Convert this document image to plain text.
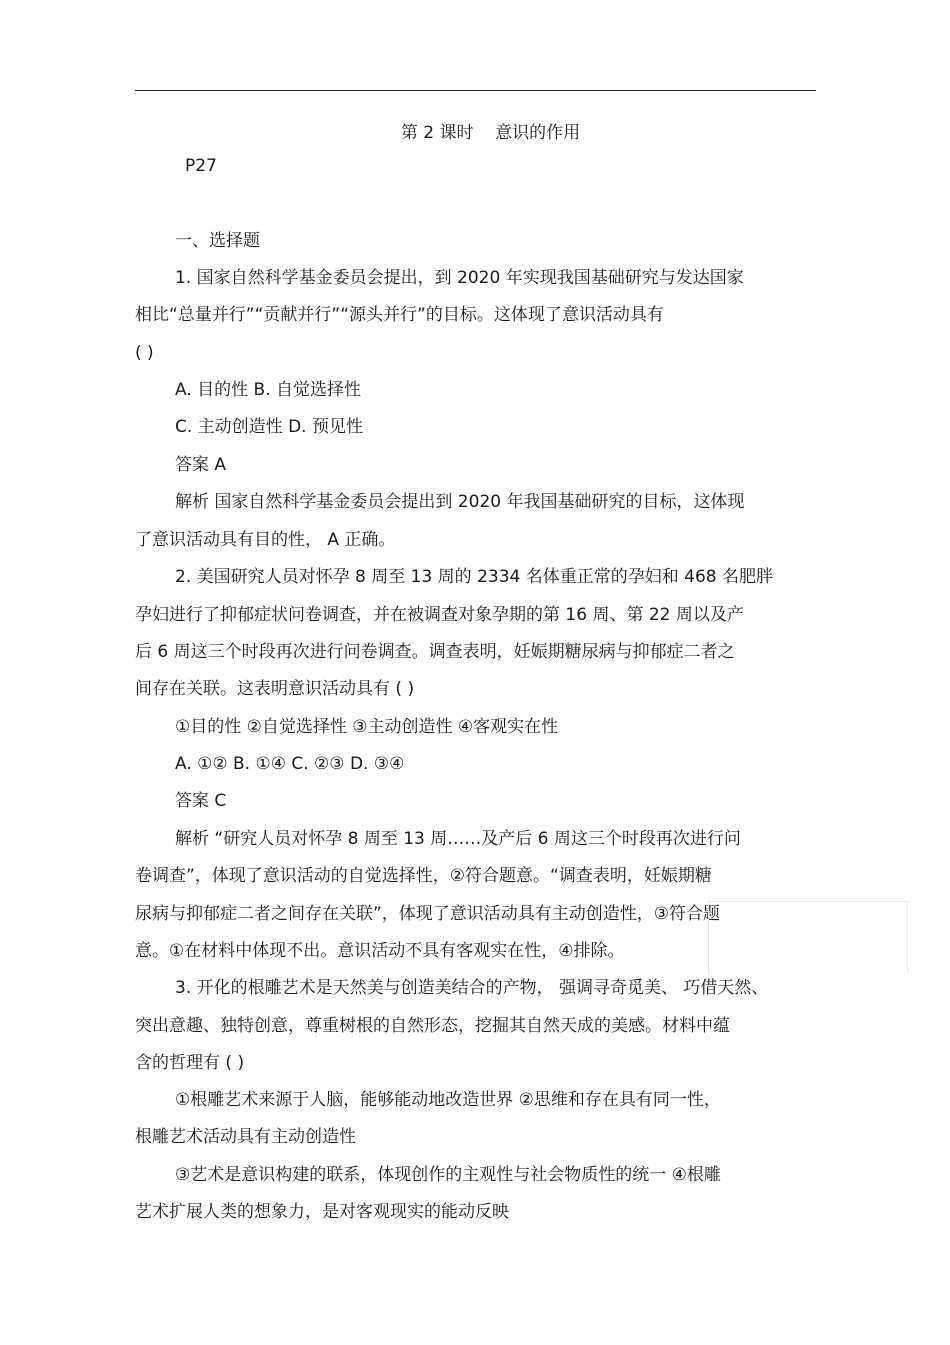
第 2 课时 意识的作用
P27
一、选择题
1. 国家自然科学基金委员会提出，到 2020 年实现我国基础研究与发达国家
相比“总量并行”“贡献并行”“源头并行”的目标。这体现了意识活动具有
( )
A. 目的性 B. 自觉选择性
C. 主动创造性 D. 预见性
答案 A
解析 国家自然科学基金委员会提出到 2020 年我国基础研究的目标，这体现
了意识活动具有目的性， A 正确。
2. 美国研究人员对怀孕 8 周至 13 周的 2334 名体重正常的孕妇和 468 名肥胖
孕妇进行了抑郁症状问卷调查，并在被调查对象孕期的第 16 周、第 22 周以及产
后 6 周这三个时段再次进行问卷调查。调查表明，妊娠期糖尿病与抑郁症二者之
间存在关联。这表明意识活动具有 ( )
①目的性 ②自觉选择性 ③主动创造性 ④客观实在性
A. ①② B. ①④ C. ②③ D. ③④
答案 C
解析 “研究人员对怀孕 8 周至 13 周……及产后 6 周这三个时段再次进行问
卷调查”，体现了意识活动的自觉选择性，②符合题意。“调查表明，妊娠期糖
尿病与抑郁症二者之间存在关联”，体现了意识活动具有主动创造性，③符合题
意。①在材料中体现不出。意识活动不具有客观实在性，④排除。
3. 开化的根雕艺术是天然美与创造美结合的产物， 强调寻奇觅美、 巧借天然、
突出意趣、独特创意，尊重树根的自然形态，挖掘其自然天成的美感。材料中蕴
含的哲理有 ( )
①根雕艺术来源于人脑，能够能动地改造世界 ②思维和存在具有同一性，
根雕艺术活动具有主动创造性
③艺术是意识构建的联系，体现创作的主观性与社会物质性的统一 ④根雕
艺术扩展人类的想象力，是对客观现实的能动反映
